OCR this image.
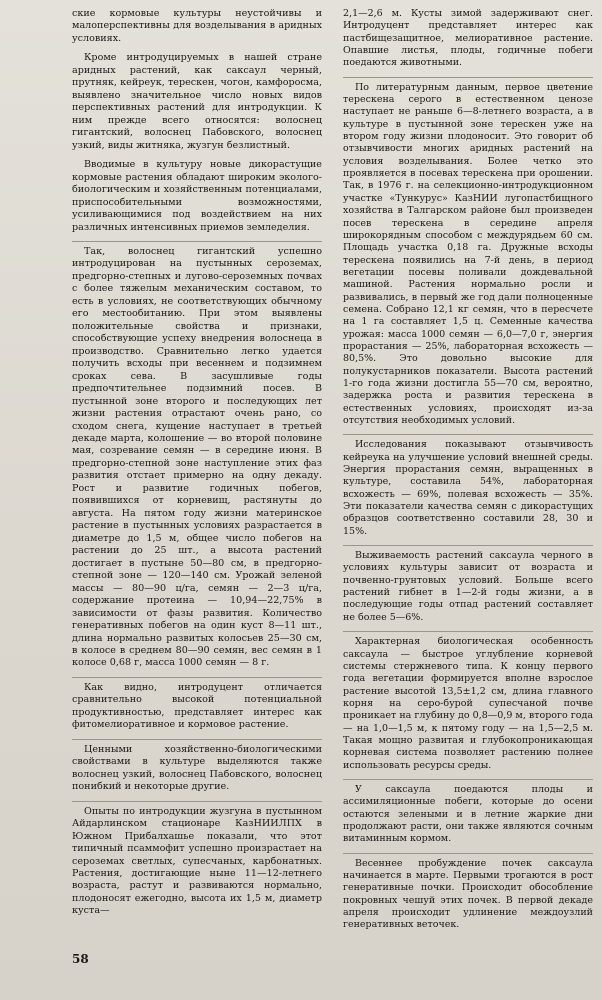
ские кормовые культуры неустойчивы и малоперспективны для возделывания в аридных условиях.

Кроме интродуцируемых в нашей стране аридных растений, как саксаул черный, прутняк, кейреук, терескен, чогон, камфоросма, выявлено значительное число новых видов перспективных растений для интродукции. К ним прежде всего относятся: волоснец гигантский, волоснец Пабовского, волоснец узкий, виды житняка, жузгун безлистный.

Вводимые в культуру новые дикорастущие кормовые растения обладают широким эколого-биологическим и хозяйственным потенциалами, приспособительными возможностями, усиливающимися под воздействием на них различных интенсивных приемов земледелия.

Так, волоснец гигантский успешно интродуцирован на пустынных сероземах, предгорно-степных и лугово-сероземных почвах с более тяжелым механическим составом, то есть в условиях, не соответствующих обычному его местообитанию. При этом выявлены положительные свойства и признаки, способствующие успеху внедрения волоснеца в производство. Сравнительно легко удается получить всходы при весеннем и подзимнем сроках сева. В засушливые годы предпочтительнее подзимний посев. В пустынной зоне второго и последующих лет жизни растения отрастают очень рано, со сходом снега, кущение наступает в третьей декаде марта, колошение — во второй половине мая, созревание семян — в середине июня. В предгорно-степной зоне наступление этих фаз развития отстает примерно на одну декаду. Рост и развитие годичных побегов, появившихся от корневищ, растянуты до августа. На пятом году жизни материнское растение в пустынных условиях разрастается в диаметре до 1,5 м, общее число побегов на растении до 25 шт., а высота растений достигает в пустыне 50—80 см, в предгорно-степной зоне — 120—140 см. Урожай зеленой массы — 80—90 ц/га, семян — 2—3 ц/га, содержание протеина — 10,94—22,75% в зависимости от фазы развития. Количество генеративных побегов на один куст 8—11 шт., длина нормально развитых колосьев 25—30 см, в колосе в среднем 80—90 семян, вес семян в 1 колосе 0,68 г, масса 1000 семян — 8 г.

Как видно, интродуцент отличается сравнительно высокой потенциальной продуктивностью, представляет интерес как фитомелиоративное и кормовое растение.

Ценными хозяйственно-биологическими свойствами в культуре выделяются также волоснец узкий, волоснец Пабовского, волоснец понибкий и некоторые другие.

Опыты по интродукции жузгуна в пустынном Айдарлинском стационаре КазНИИЛПХ в Южном Прибалхашье показали, что этот типичный псаммофит успешно произрастает на сероземах светлых, супесчаных, карбонатных. Растения, достигающие ныне 11—12-летнего возраста, растут и развиваются нормально, плодоносят ежегодно, высота их 1,5 м, диаметр куста—

2,1—2,6 м. Кусты зимой задерживают снег. Интродуцент представляет интерес как пастбищезащитное, мелиоративное растение. Опавшие листья, плоды, годичные побеги поедаются животными.

По литературным данным, первое цветение терескена серого в естественном ценозе наступает не раньше 6—8-летнего возраста, а в культуре в пустынной зоне терескен уже на втором году жизни плодоносит. Это говорит об отзывчивости многих аридных растений на условия возделывания. Более четко это проявляется в посевах терескена при орошении. Так, в 1976 г. на селекционно-интродукционном участке «Тункурус» КазНИИ лугопастбищного хозяйства в Талгарском районе был произведен посев терескена в середине апреля широкорядным способом с междурядьем 60 см. Площадь участка 0,18 га. Дружные всходы терескена появились на 7-й день, в период вегетации посевы поливали дождевальной машиной. Растения нормально росли и развивались, в первый же год дали полноценные семена. Собрано 12,1 кг семян, что в пересчете на 1 га составляет 1,5 ц. Семенные качества урожая: масса 1000 семян — 6,0—7,0 г, энергия прорастания — 25%, лабораторная всхожесть — 80,5%. Это довольно высокие для полукустарников показатели. Высота растений 1-го года жизни достигла 55—70 см, вероятно, задержка роста и развития терескена в естественных условиях, происходят из-за отсутствия необходимых условий.

Исследования показывают отзывчивость кейреука на улучшение условий внешней среды. Энергия прорастания семян, выращенных в культуре, составила 54%, лабораторная всхожесть — 69%, полевая всхожесть — 35%. Эти показатели качества семян с дикорастущих образцов соответственно составили 28, 30 и 15%.

Выживаемость растений саксаула черного в условиях культуры зависит от возраста и почвенно-грунтовых условий. Больше всего растений гибнет в 1—2-й годы жизни, а в последующие годы отпад растений составляет не более 5—6%.

Характерная биологическая особенность саксаула — быстрое углубление корневой системы стержневого типа. К концу первого года вегетации формируется вполне взрослое растение высотой 13,5±1,2 см, длина главного корня на серо-бурой супесчаной почве проникает на глубину до 0,8—0,9 м, второго года — на 1,0—1,5 м, к пятому году — на 1,5—2,5 м. Такая мощно развитая и глубокопроникающая корневая система позволяет растению полнее использовать ресурсы среды.

У саксаула поедаются плоды и ассимиляционные побеги, которые до осени остаются зелеными и в летние жаркие дни продолжают расти, они также являются сочным витаминным кормом.

Весеннее пробуждение почек саксаула начинается в марте. Первыми трогаются в рост генеративные почки. Происходит обособление покровных чешуй этих почек. В первой декаде апреля происходит удлинение междоузлий генеративных веточек.

58
